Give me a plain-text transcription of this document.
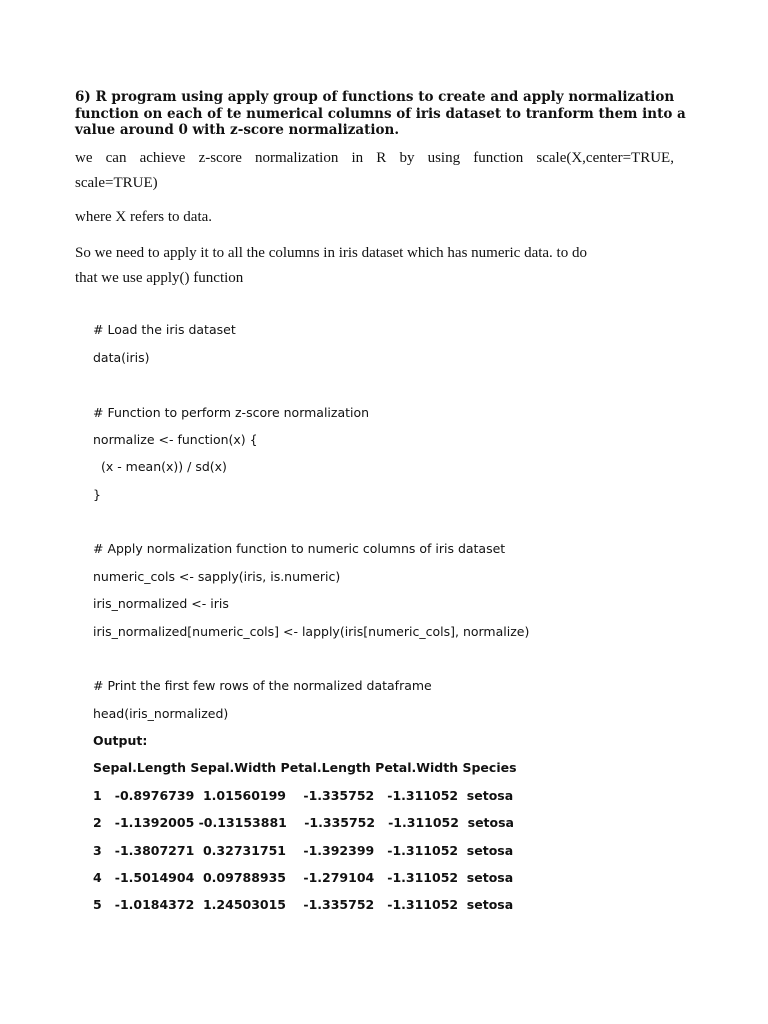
6) R program using apply group of functions to create and apply normalization
function on each of te numerical columns of iris dataset to tranform them into a
value around 0 with z-score normalization.
we can achieve z-score normalization in R by using function scale(X,center=TRUE,
scale=TRUE)
where X refers to data.
So we need to apply it to all the columns in iris dataset which has numeric data. to do
that we use apply() function
# Load the iris dataset
data(iris)
# Function to perform z-score normalization
normalize <- function(x) {
(x - mean(x)) / sd(x)
}
# Apply normalization function to numeric columns of iris dataset
numeric_cols <- sapply(iris, is.numeric)
iris_normalized <- iris
iris_normalized[numeric_cols] <- lapply(iris[numeric_cols], normalize)
# Print the first few rows of the normalized dataframe
head(iris_normalized)
Output:
Sepal.Length Sepal.Width Petal.Length Petal.Width Species
1   -0.8976739  1.01560199    -1.335752   -1.311052  setosa
2   -1.1392005 -0.13153881    -1.335752   -1.311052  setosa
3   -1.3807271  0.32731751    -1.392399   -1.311052  setosa
4   -1.5014904  0.09788935    -1.279104   -1.311052  setosa
5   -1.0184372  1.24503015    -1.335752   -1.311052  setosa
